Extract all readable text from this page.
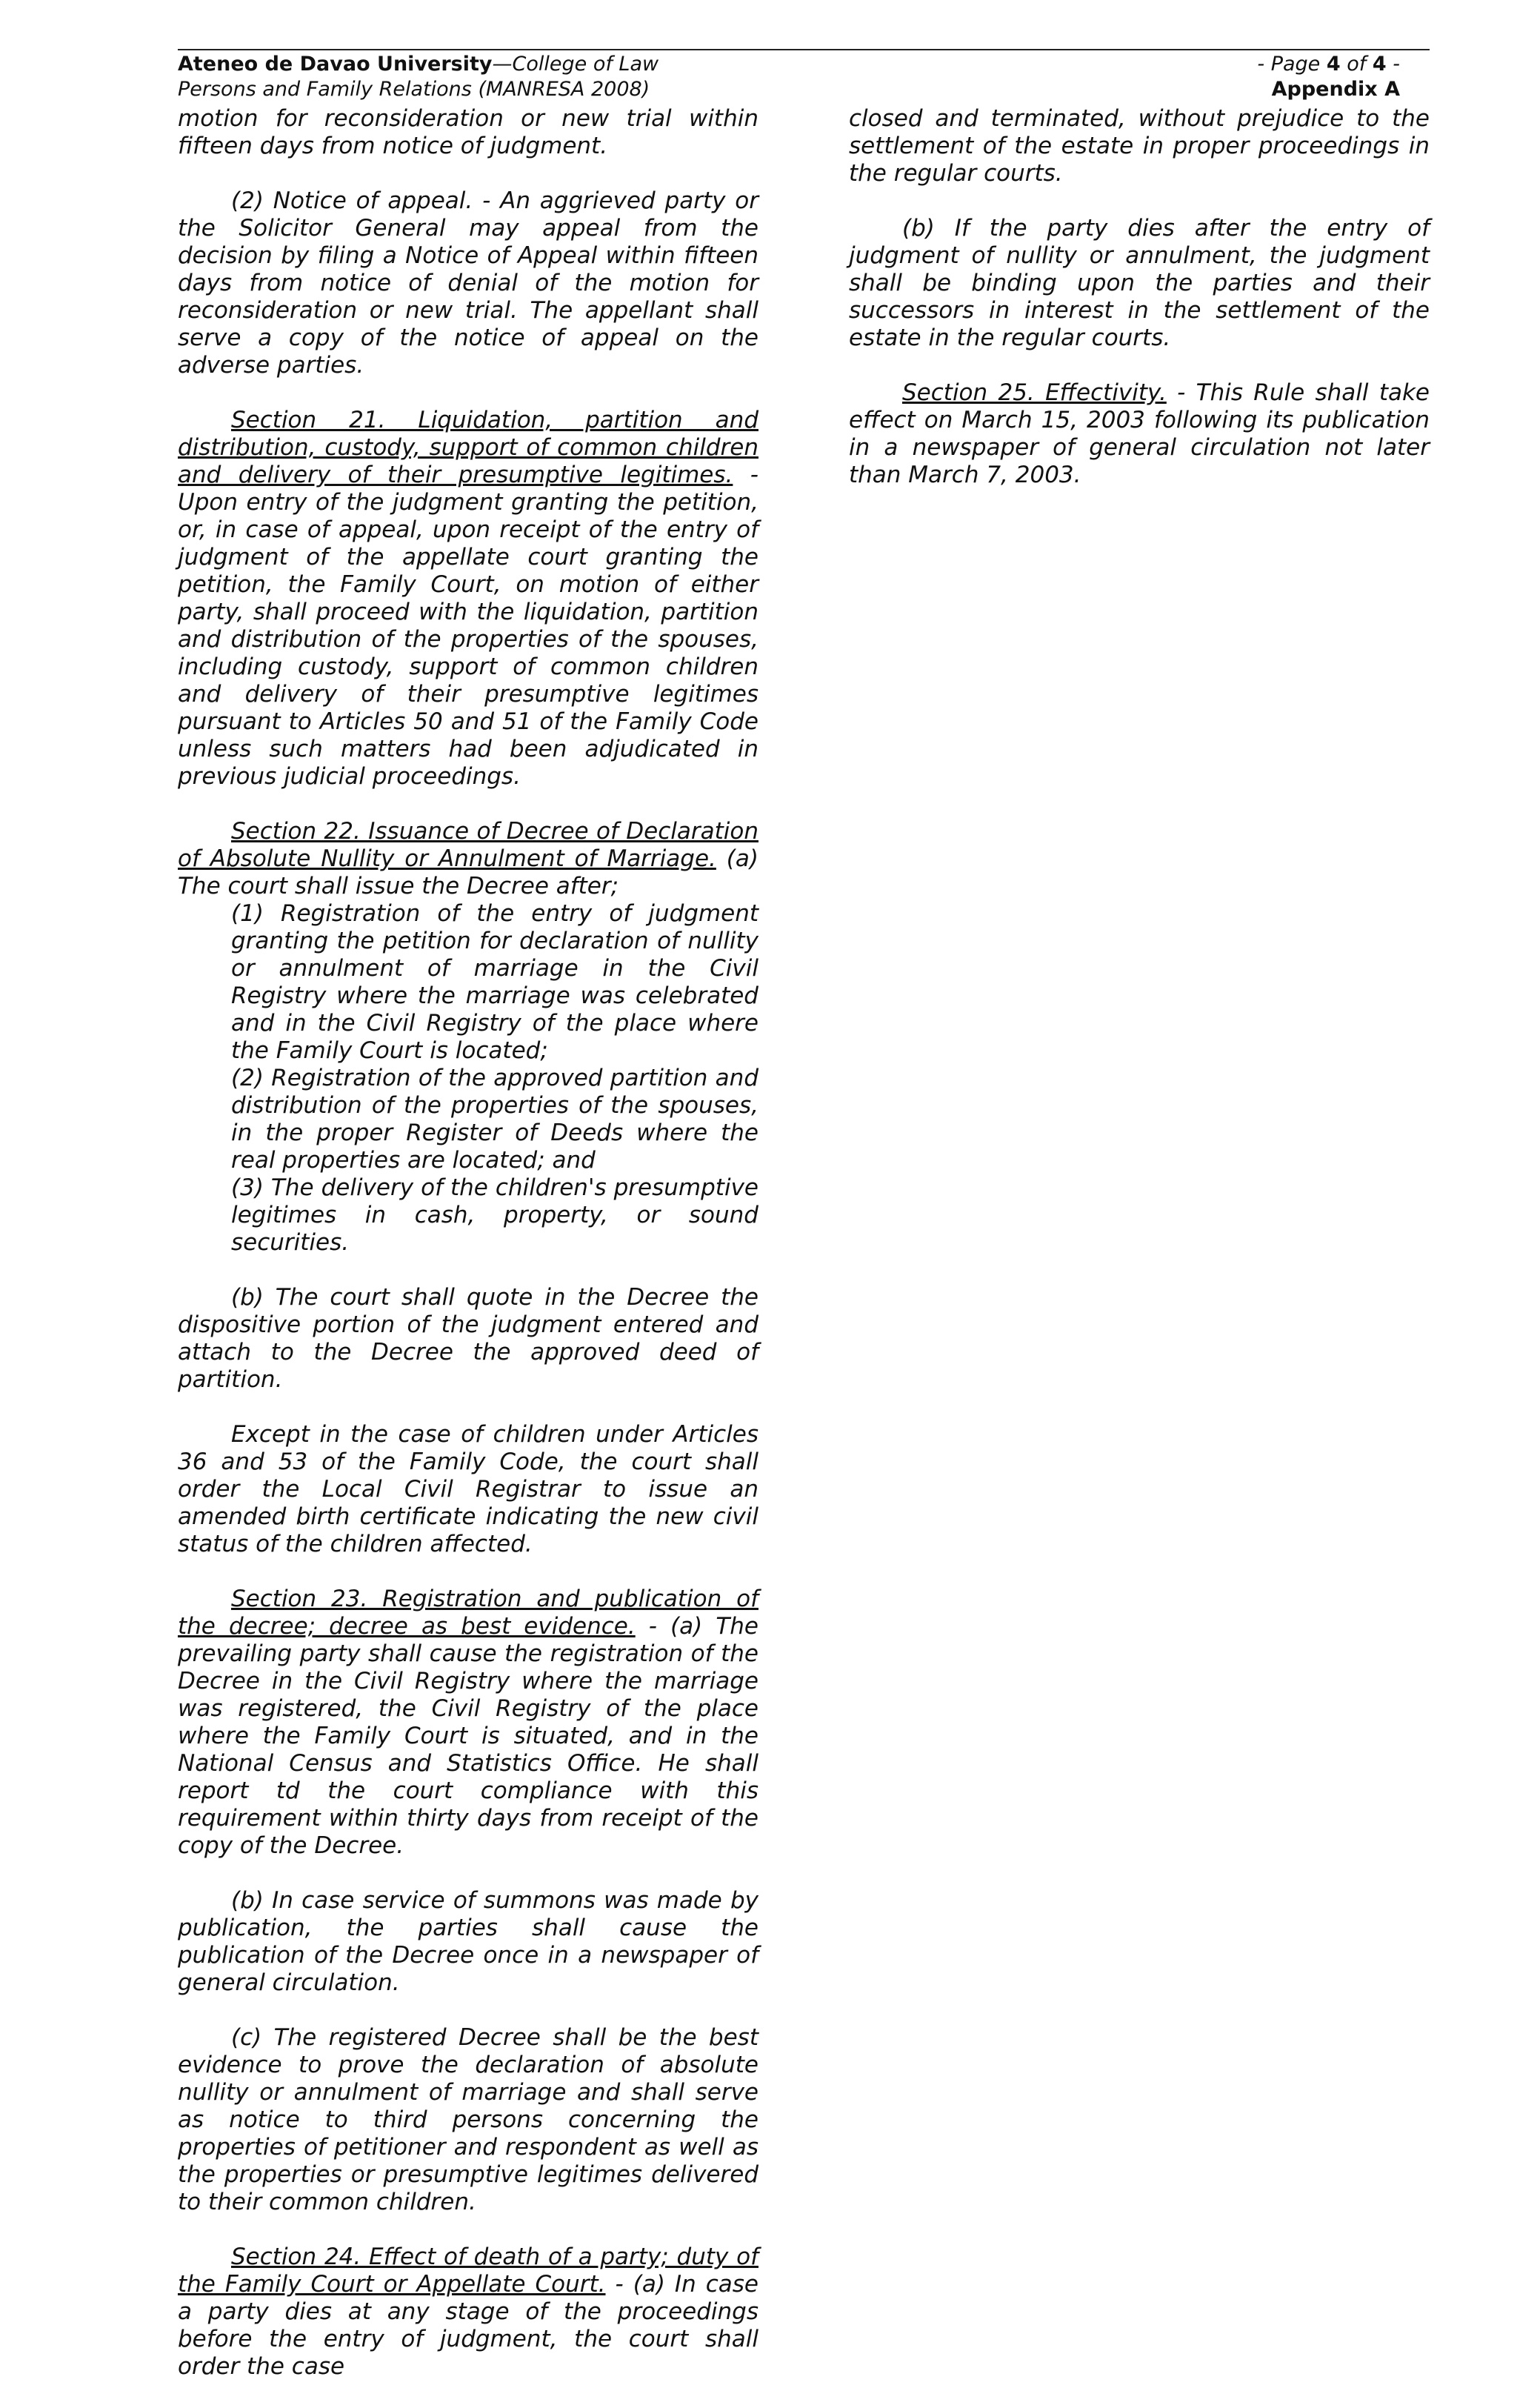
Ateneo de Davao University—College of Law
Persons and Family Relations (MANRESA 2008)
- Page 4 of 4 -
Appendix A

motion for reconsideration or new trial within fifteen days from notice of judgment.

(2) Notice of appeal. - An aggrieved party or the Solicitor General may appeal from the decision by filing a Notice of Appeal within fifteen days from notice of denial of the motion for reconsideration or new trial. The appellant shall serve a copy of the notice of appeal on the adverse parties.

Section 21. Liquidation, partition and distribution, custody, support of common children and delivery of their presumptive legitimes. - Upon entry of the judgment granting the petition, or, in case of appeal, upon receipt of the entry of judgment of the appellate court granting the petition, the Family Court, on motion of either party, shall proceed with the liquidation, partition and distribution of the properties of the spouses, including custody, support of common children and delivery of their presumptive legitimes pursuant to Articles 50 and 51 of the Family Code unless such matters had been adjudicated in previous judicial proceedings.

Section 22. Issuance of Decree of Declaration of Absolute Nullity or Annulment of Marriage. (a) The court shall issue the Decree after;

(1) Registration of the entry of judgment granting the petition for declaration of nullity or annulment of marriage in the Civil Registry where the marriage was celebrated and in the Civil Registry of the place where the Family Court is located;

(2) Registration of the approved partition and distribution of the properties of the spouses, in the proper Register of Deeds where the real properties are located; and

(3) The delivery of the children's presumptive legitimes in cash, property, or sound securities.

(b) The court shall quote in the Decree the dispositive portion of the judgment entered and attach to the Decree the approved deed of partition.

Except in the case of children under Articles 36 and 53 of the Family Code, the court shall order the Local Civil Registrar to issue an amended birth certificate indicating the new civil status of the children affected.

Section 23. Registration and publication of the decree; decree as best evidence. - (a) The prevailing party shall cause the registration of the Decree in the Civil Registry where the marriage was registered, the Civil Registry of the place where the Family Court is situated, and in the National Census and Statistics Office. He shall report td the court compliance with this requirement within thirty days from receipt of the copy of the Decree.

(b) In case service of summons was made by publication, the parties shall cause the publication of the Decree once in a newspaper of general circulation.

(c) The registered Decree shall be the best evidence to prove the declaration of absolute nullity or annulment of marriage and shall serve as notice to third persons concerning the properties of petitioner and respondent as well as the properties or presumptive legitimes delivered to their common children.

Section 24. Effect of death of a party; duty of the Family Court or Appellate Court. - (a) In case a party dies at any stage of the proceedings before the entry of judgment, the court shall order the case

closed and terminated, without prejudice to the settlement of the estate in proper proceedings in the regular courts.

(b) If the party dies after the entry of judgment of nullity or annulment, the judgment shall be binding upon the parties and their successors in interest in the settlement of the estate in the regular courts.

Section 25. Effectivity. - This Rule shall take effect on March 15, 2003 following its publication in a newspaper of general circulation not later than March 7, 2003.
